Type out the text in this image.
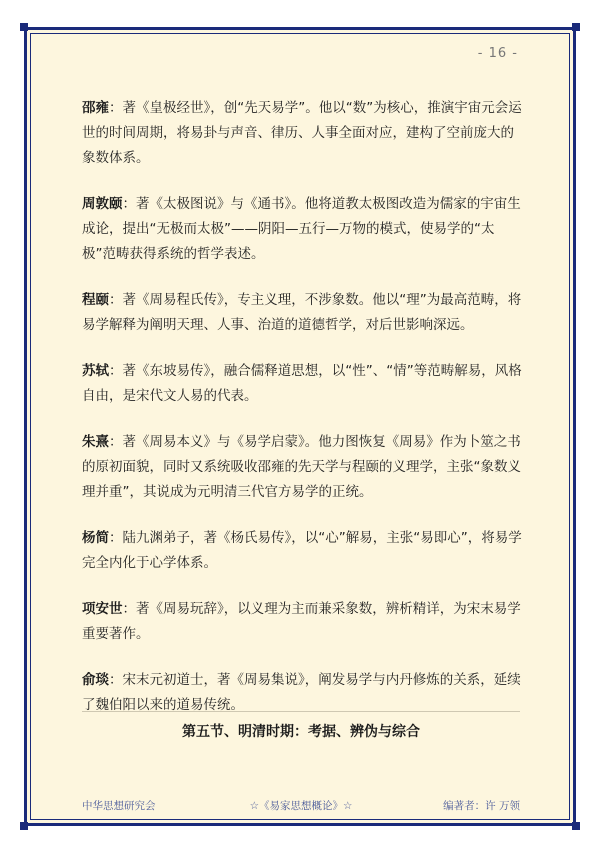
- 16 -

邵雍：著《皇极经世》，创“先天易学”。他以“数”为核心，推演宇宙元会运世的时间周期，将易卦与声音、律历、人事全面对应，建构了空前庞大的象数体系。

周敦颐：著《太极图说》与《通书》。他将道教太极图改造为儒家的宇宙生成论，提出“无极而太极”——阴阳—五行—万物的模式，使易学的“太极”范畴获得系统的哲学表述。

程颐：著《周易程氏传》，专主义理，不涉象数。他以“理”为最高范畴，将易学解释为阐明天理、人事、治道的道德哲学，对后世影响深远。

苏轼：著《东坡易传》，融合儒释道思想，以“性”、“情”等范畴解易，风格自由，是宋代文人易的代表。

朱熹：著《周易本义》与《易学启蒙》。他力图恢复《周易》作为卜筮之书的原初面貌，同时又系统吸收邵雍的先天学与程颐的义理学，主张“象数义理并重”，其说成为元明清三代官方易学的正统。

杨简：陆九渊弟子，著《杨氏易传》，以“心”解易，主张“易即心”，将易学完全内化于心学体系。

项安世：著《周易玩辞》，以义理为主而兼采象数，辨析精详，为宋末易学重要著作。

俞琰：宋末元初道士，著《周易集说》，阐发易学与内丹修炼的关系，延续了魏伯阳以来的道易传统。

第五节、明清时期：考据、辨伪与综合
中华思想研究会	☆《易家思想概论》☆	编著者：许 万领
